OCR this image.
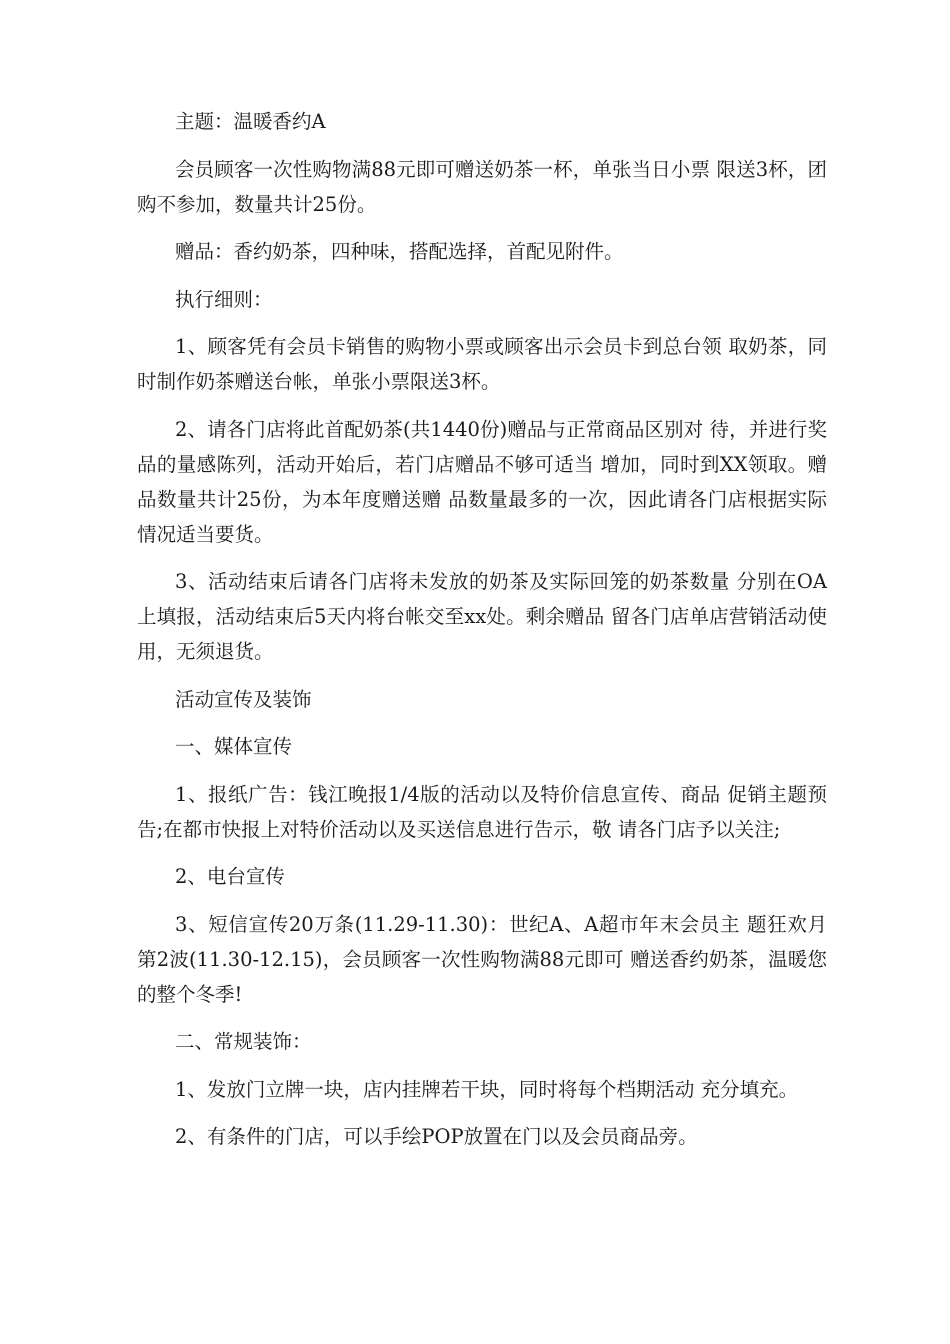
主题：温暖香约A

会员顾客一次性购物满88元即可赠送奶茶一杯，单张当日小票 限送3杯，团购不参加，数量共计25份。

赠品：香约奶茶，四种味，搭配选择，首配见附件。

执行细则：

1、顾客凭有会员卡销售的购物小票或顾客出示会员卡到总台领 取奶茶，同时制作奶茶赠送台帐，单张小票限送3杯。

2、请各门店将此首配奶茶(共1440份)赠品与正常商品区别对 待，并进行奖品的量感陈列，活动开始后，若门店赠品不够可适当 增加，同时到XX领取。赠品数量共计25份，为本年度赠送赠 品数量最多的一次，因此请各门店根据实际情况适当要货。

3、活动结束后请各门店将未发放的奶茶及实际回笼的奶茶数量 分别在OA上填报，活动结束后5天内将台帐交至xx处。剩余赠品 留各门店单店营销活动使用，无须退货。

活动宣传及装饰

一、媒体宣传

1、报纸广告：钱江晚报1/4版的活动以及特价信息宣传、商品 促销主题预告;在都市快报上对特价活动以及买送信息进行告示，敬 请各门店予以关注;

2、电台宣传

3、短信宣传20万条(11.29-11.30)：世纪A、A超市年末会员主 题狂欢月第2波(11.30-12.15)，会员顾客一次性购物满88元即可 赠送香约奶茶，温暖您的整个冬季!

二、常规装饰：

1、发放门立牌一块，店内挂牌若干块，同时将每个档期活动 充分填充。

2、有条件的门店，可以手绘POP放置在门以及会员商品旁。
